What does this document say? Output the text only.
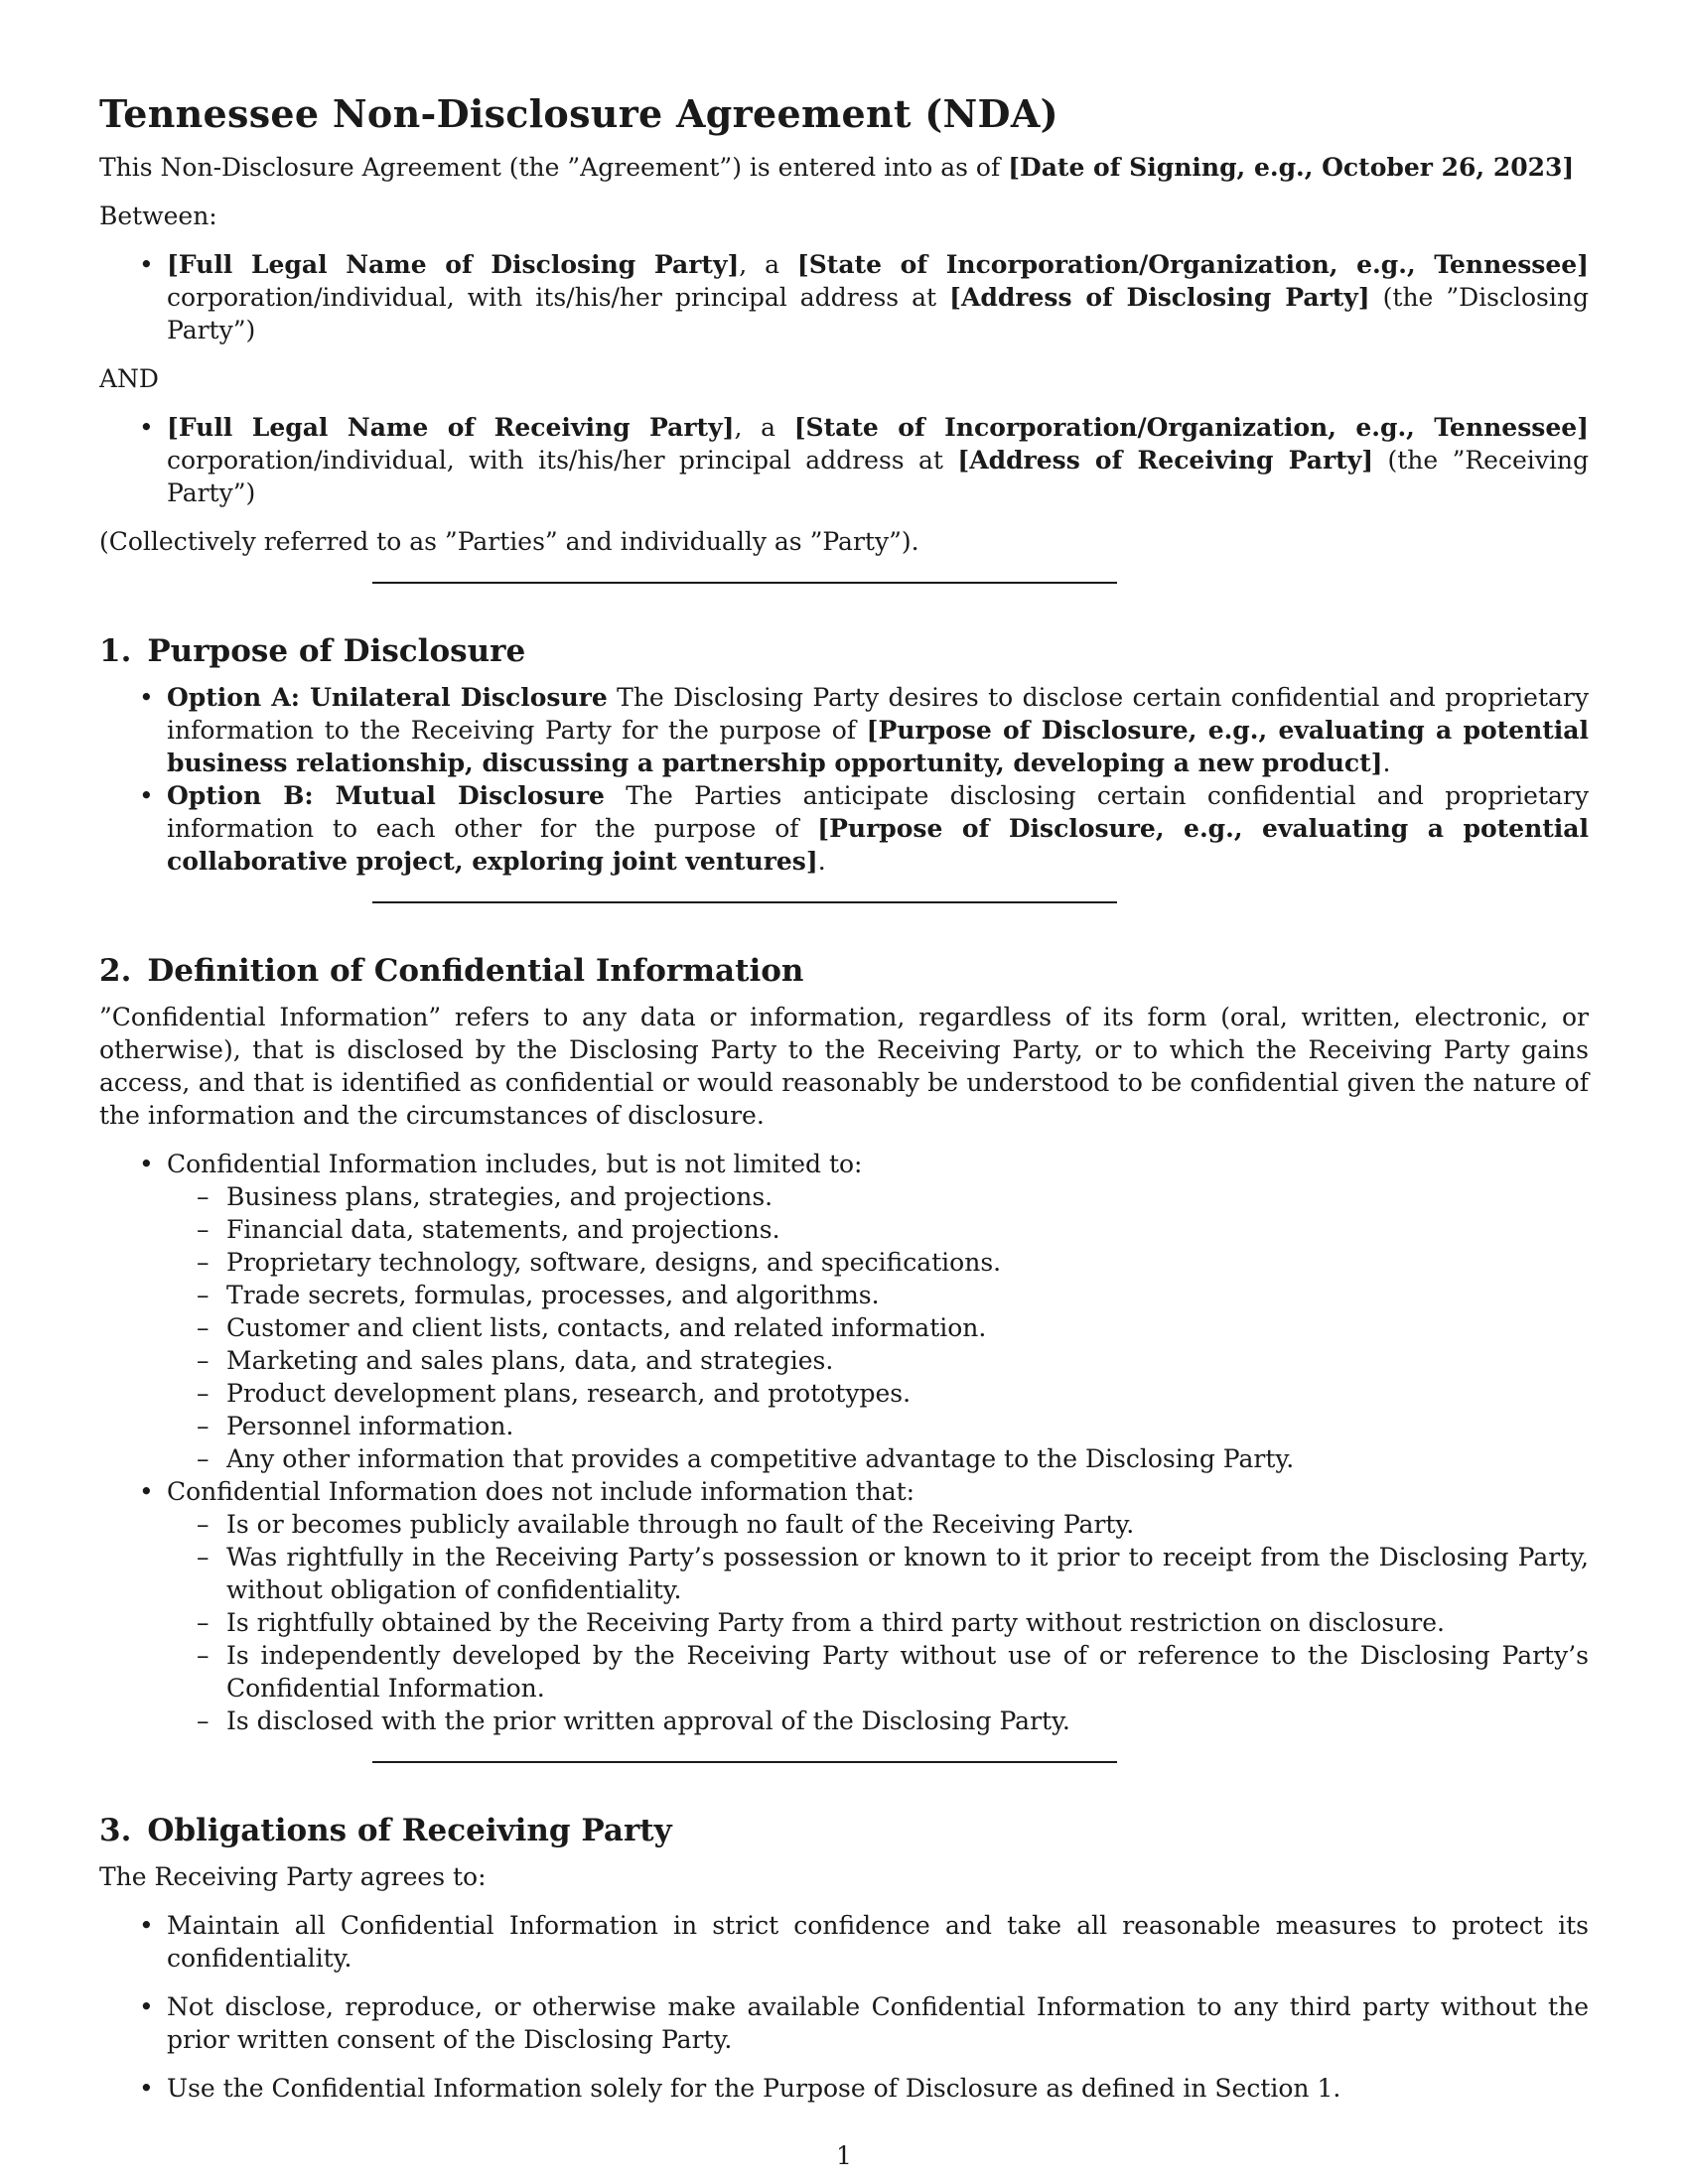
Tennessee Non-Disclosure Agreement (NDA)

This Non-Disclosure Agreement (the ”Agreement”) is entered into as of [Date of Signing, e.g., October 26, 2023]

Between:

• [Full Legal Name of Disclosing Party], a [State of Incorporation/Organization, e.g., Tennessee] corporation/individual, with its/his/her principal address at [Address of Disclosing Party] (the ”Disclosing Party”)

AND

• [Full Legal Name of Receiving Party], a [State of Incorporation/Organization, e.g., Tennessee] corporation/individual, with its/his/her principal address at [Address of Receiving Party] (the ”Receiving Party”)

(Collectively referred to as ”Parties” and individually as ”Party”).

1. Purpose of Disclosure
• Option A: Unilateral Disclosure The Disclosing Party desires to disclose certain confidential and proprietary information to the Receiving Party for the purpose of [Purpose of Disclosure, e.g., evaluating a potential business relationship, discussing a partnership opportunity, developing a new product].
• Option B: Mutual Disclosure The Parties anticipate disclosing certain confidential and proprietary information to each other for the purpose of [Purpose of Disclosure, e.g., evaluating a potential collaborative project, exploring joint ventures].
2. Definition of Confidential Information

”Confidential Information” refers to any data or information, regardless of its form (oral, written, electronic, or otherwise), that is disclosed by the Disclosing Party to the Receiving Party, or to which the Receiving Party gains access, and that is identified as confidential or would reasonably be understood to be confidential given the nature of the information and the circumstances of disclosure.

• Confidential Information includes, but is not limited to:
– Business plans, strategies, and projections.
– Financial data, statements, and projections.
– Proprietary technology, software, designs, and specifications.
– Trade secrets, formulas, processes, and algorithms.
– Customer and client lists, contacts, and related information.
– Marketing and sales plans, data, and strategies.
– Product development plans, research, and prototypes.
– Personnel information.
– Any other information that provides a competitive advantage to the Disclosing Party.
• Confidential Information does not include information that:
– Is or becomes publicly available through no fault of the Receiving Party.
– Was rightfully in the Receiving Party’s possession or known to it prior to receipt from the Disclosing Party, without obligation of confidentiality.
– Is rightfully obtained by the Receiving Party from a third party without restriction on disclosure.
– Is independently developed by the Receiving Party without use of or reference to the Disclosing Party’s Confidential Information.
– Is disclosed with the prior written approval of the Disclosing Party.
3. Obligations of Receiving Party

The Receiving Party agrees to:

• Maintain all Confidential Information in strict confidence and take all reasonable measures to protect its confidentiality.
• Not disclose, reproduce, or otherwise make available Confidential Information to any third party without the prior written consent of the Disclosing Party.
• Use the Confidential Information solely for the Purpose of Disclosure as defined in Section 1.
1
